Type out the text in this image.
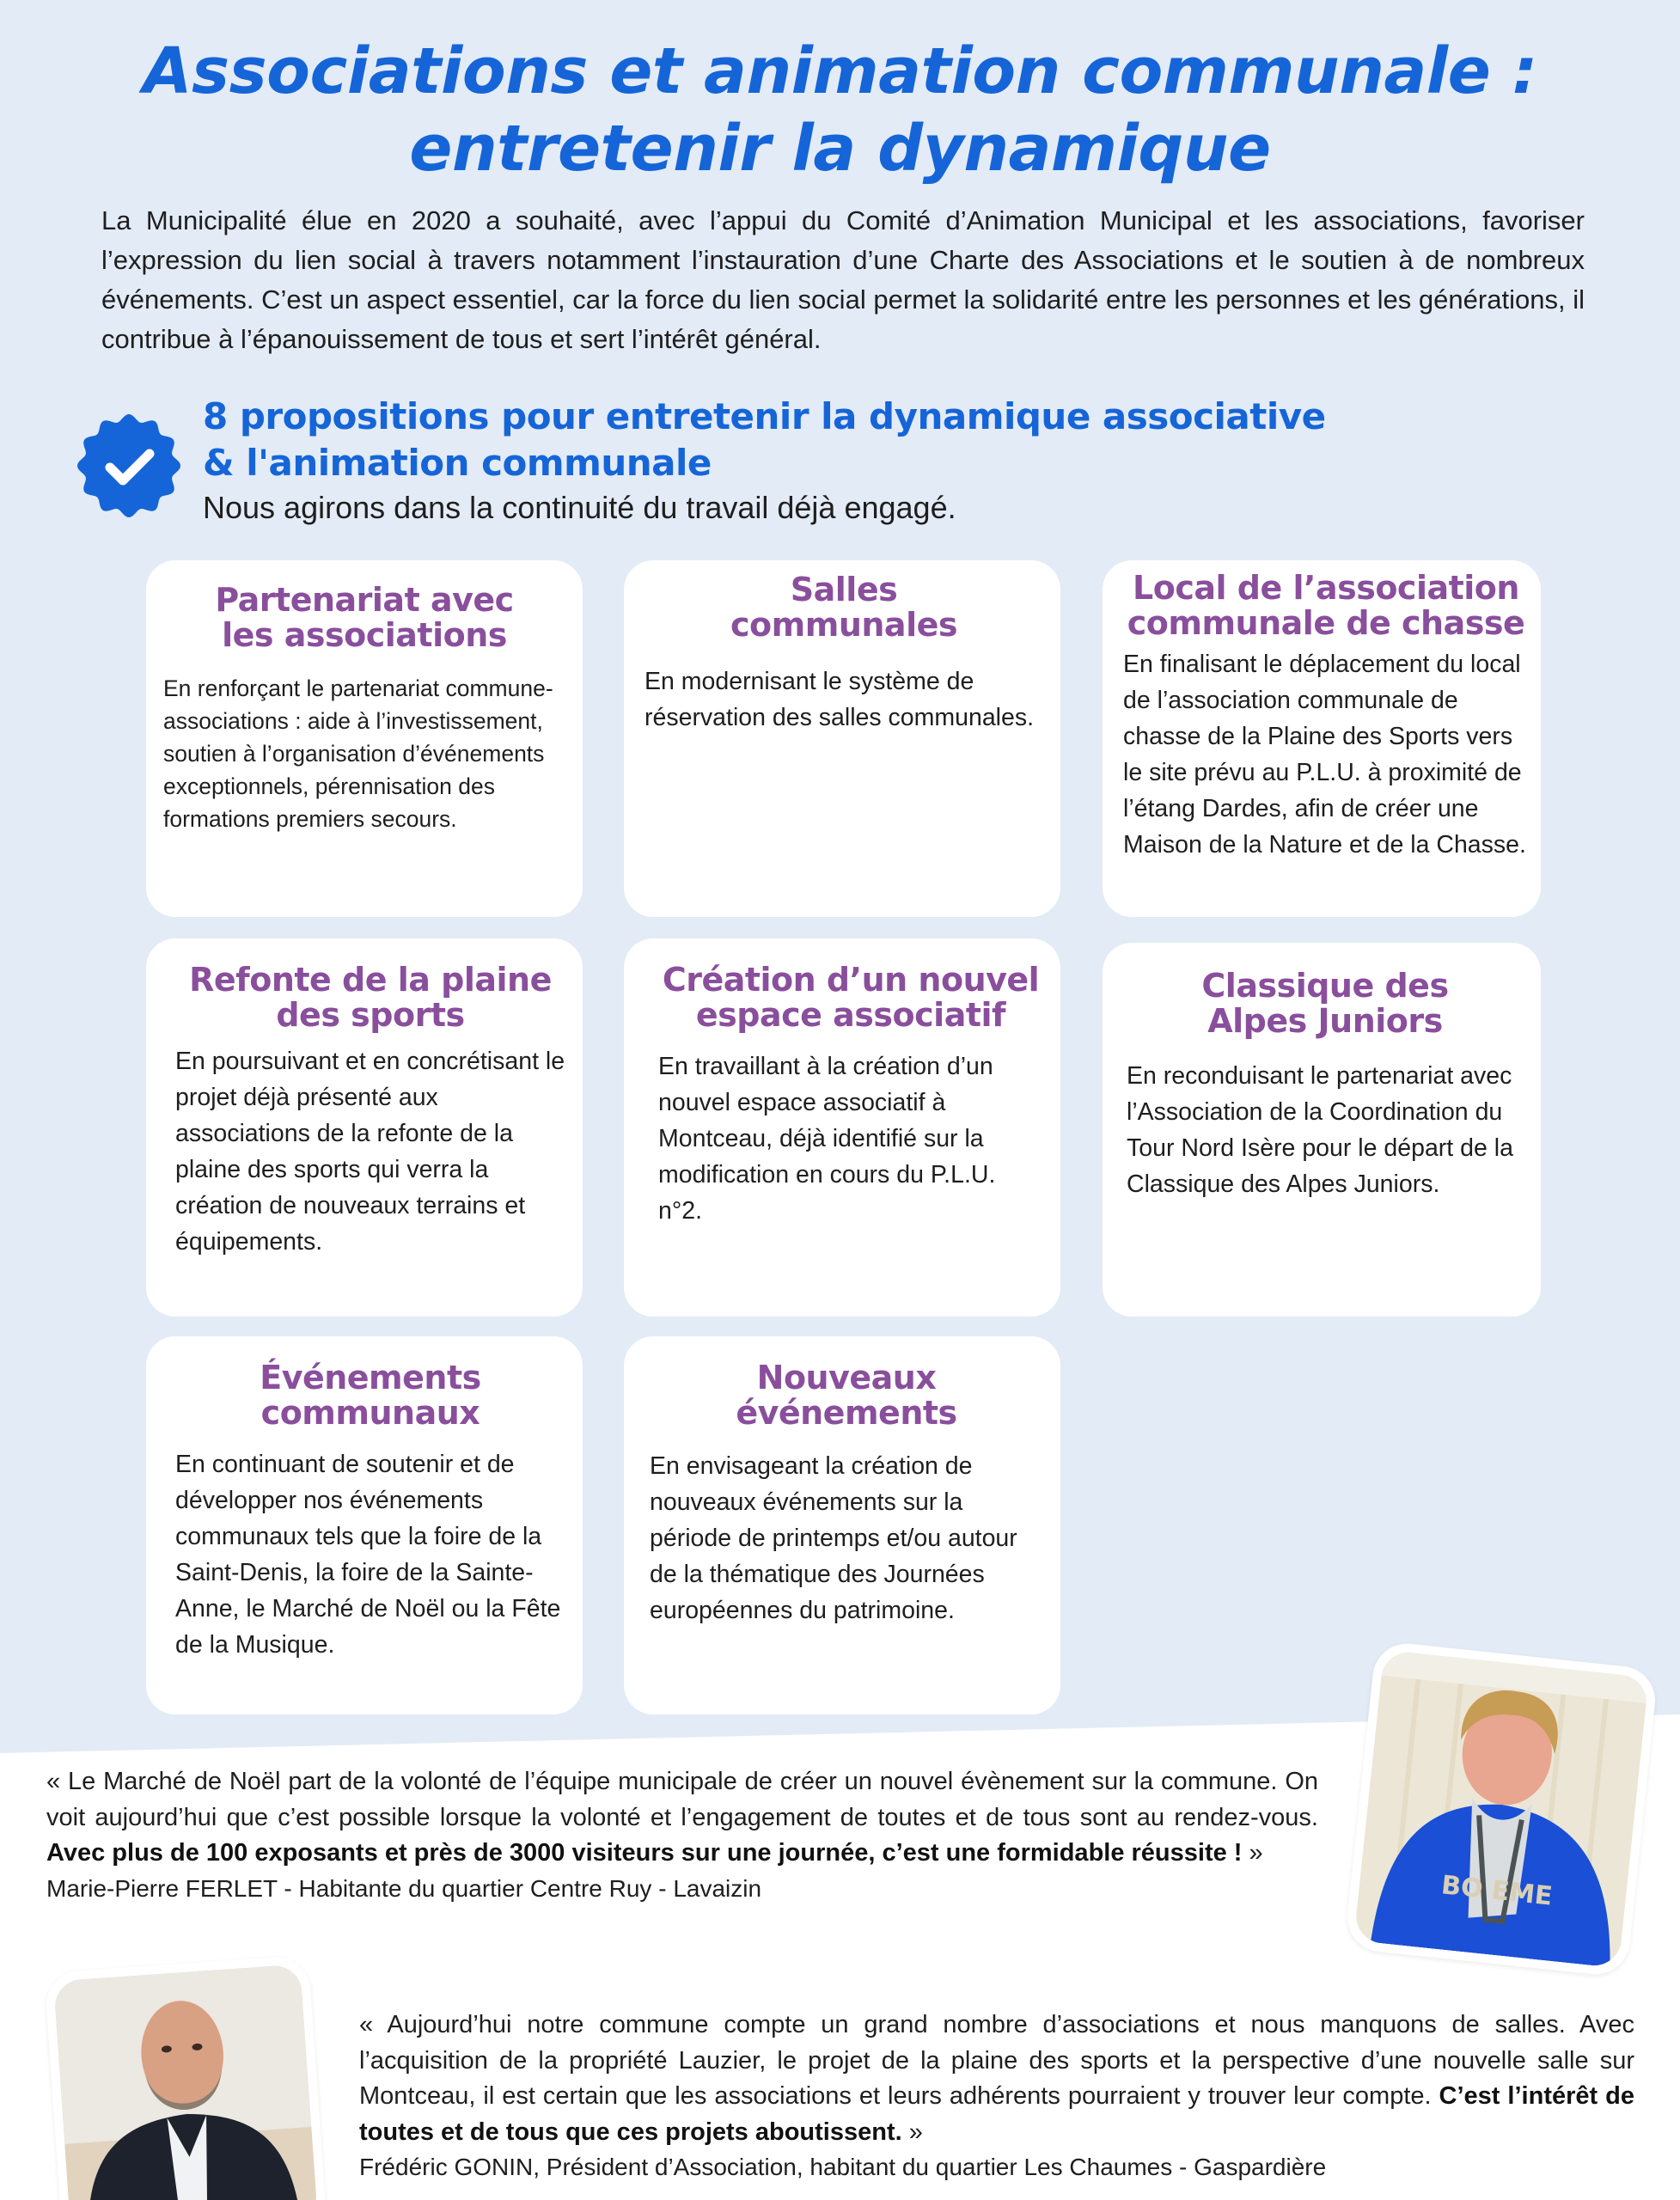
Associations et animation communale :
entretenir la dynamique

La Municipalité élue en 2020 a souhaité, avec l’appui du Comité d’Animation Municipal et les associations, favoriser l’expression du lien social à travers notamment l’instauration d’une Charte des Associations et le soutien à de nombreux événements. C’est un aspect essentiel, car la force du lien social permet la solidarité entre les personnes et les générations, il contribue à l’épanouissement de tous et sert l’intérêt général.

8 propositions pour entretenir la dynamique associative
& l'animation communale
Nous agirons dans la continuité du travail déjà engagé.
Partenariat avec
les associations

En renforçant le partenariat commune-associations : aide à l’investissement, soutien à l’organisation d’événements exceptionnels, pérennisation des formations premiers secours.

Salles
communales

En modernisant le système de réservation des salles communales.

Local de l’association
communale de chasse

En finalisant le déplacement du local de l’association communale de chasse de la Plaine des Sports vers le site prévu au P.L.U. à proximité de l’étang Dardes, afin de créer une Maison de la Nature et de la Chasse.

Refonte de la plaine
des sports

En poursuivant et en concrétisant le projet déjà présenté aux associations de la refonte de la plaine des sports qui verra la création de nouveaux terrains et équipements.

Création d’un nouvel
espace associatif

En travaillant à la création d’un nouvel espace associatif à Montceau, déjà identifié sur la modification en cours du P.L.U. n°2.

Classique des
Alpes Juniors

En reconduisant le partenariat avec l’Association de la Coordination du Tour Nord Isère pour le départ de la Classique des Alpes Juniors.

Événements
communaux

En continuant de soutenir et de développer nos événements communaux tels que la foire de la Saint-Denis, la foire de la Sainte-Anne, le Marché de Noël ou la Fête de la Musique.

Nouveaux
événements

En envisageant la création de nouveaux événements sur la période de printemps et/ou autour de la thématique des Journées européennes du patrimoine.

« Le Marché de Noël part de la volonté de l’équipe municipale de créer un nouvel évènement sur la commune. On voit aujourd’hui que c’est possible lorsque la volonté et l’engagement de toutes et de tous sont au rendez-vous. Avec plus de 100 exposants et près de 3000 visiteurs sur une journée, c’est une formidable réussite ! »

Marie-Pierre FERLET - Habitante du quartier Centre Ruy - Lavaizin	BO EME

« Aujourd’hui notre commune compte un grand nombre d’associations et nous manquons de salles. Avec l’acquisition de la propriété Lauzier, le projet de la plaine des sports et la perspective d’une nouvelle salle sur Montceau, il est certain que les associations et leurs adhérents pourraient y trouver leur compte. C’est l’intérêt de toutes et de tous que ces projets aboutissent. »

Frédéric GONIN, Président d’Association, habitant du quartier Les Chaumes - Gaspardière
